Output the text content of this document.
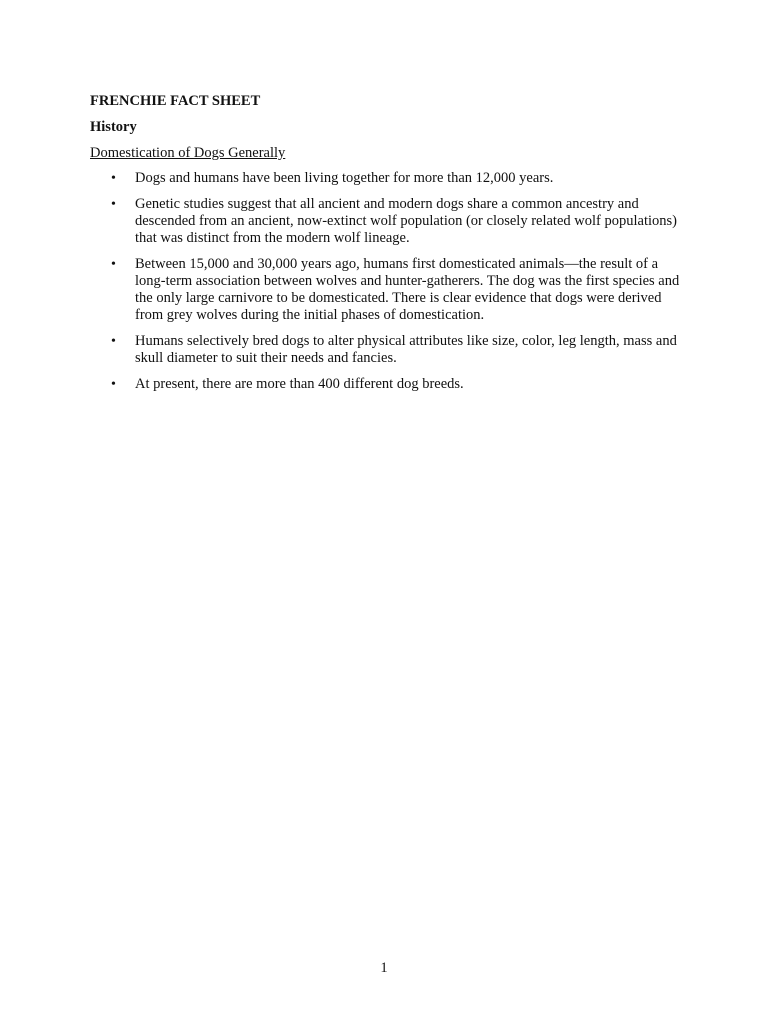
FRENCHIE FACT SHEET
History
Domestication of Dogs Generally
• Dogs and humans have been living together for more than 12,000 years.
• Genetic studies suggest that all ancient and modern dogs share a common ancestry and descended from an ancient, now-extinct wolf population (or closely related wolf populations) that was distinct from the modern wolf lineage.
• Between 15,000 and 30,000 years ago, humans first domesticated animals—the result of a long-term association between wolves and hunter-gatherers. The dog was the first species and the only large carnivore to be domesticated. There is clear evidence that dogs were derived from grey wolves during the initial phases of domestication.
• Humans selectively bred dogs to alter physical attributes like size, color, leg length, mass and skull diameter to suit their needs and fancies.
• At present, there are more than 400 different dog breeds.
1
